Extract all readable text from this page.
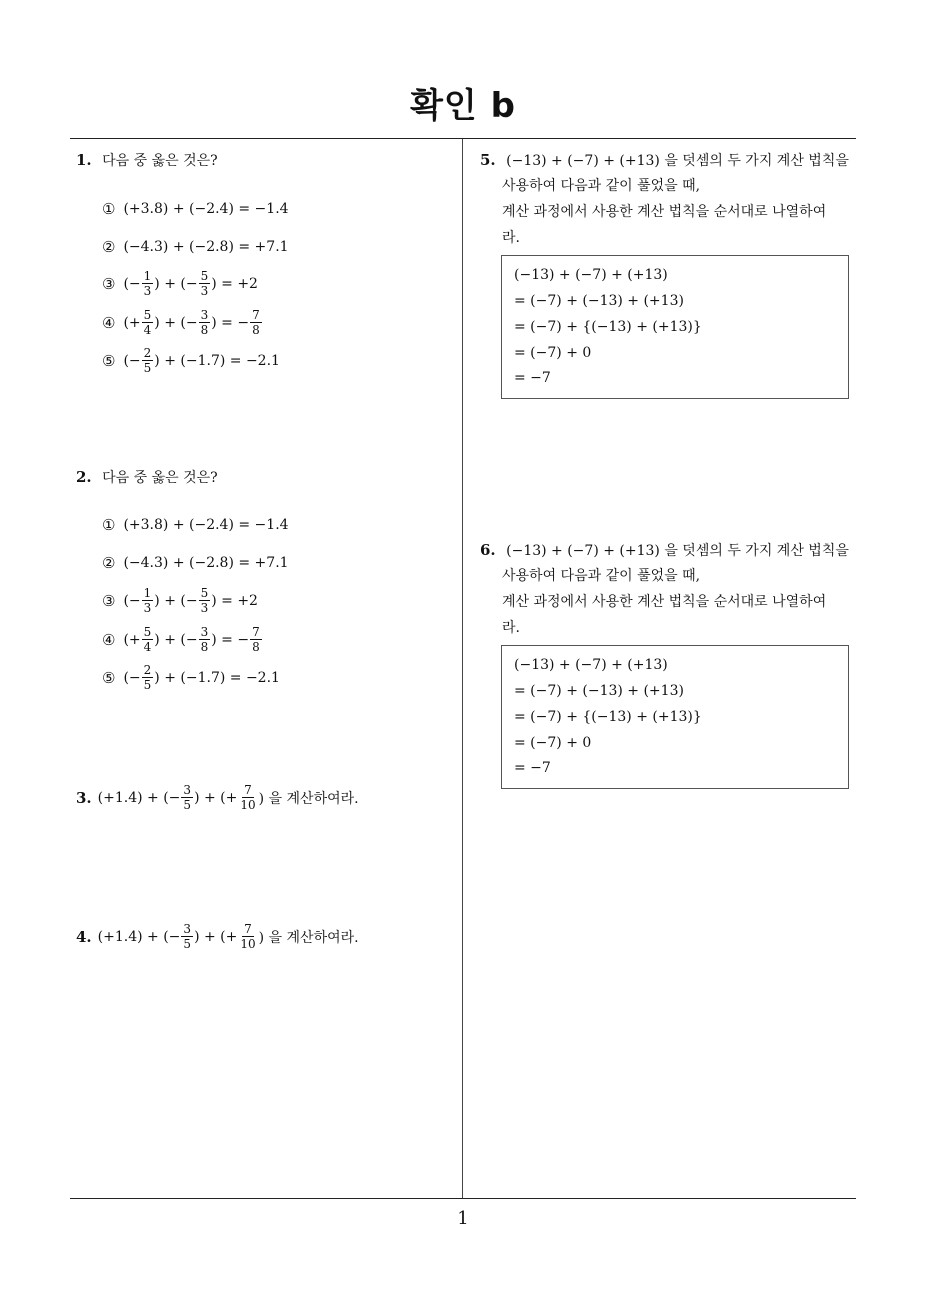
확인 b
1. 다음 중 옳은 것은?
① (+3.8) + (−2.4) = −1.4
② (−4.3) + (−2.8) = +7.1
③ (− $\frac{1}{3}$ ) + (− $\frac{5}{3}$ ) = +2
④ (+ $\frac{5}{4}$ ) + (− $\frac{3}{8}$ ) = − $\frac{7}{8}$
⑤ (− $\frac{2}{5}$ ) + (−1.7) = −2.1
2. 다음 중 옳은 것은?
① (+3.8) + (−2.4) = −1.4
② (−4.3) + (−2.8) = +7.1
③ (− $\frac{1}{3}$ ) + (− $\frac{5}{3}$ ) = +2
④ (+ $\frac{5}{4}$ ) + (− $\frac{3}{8}$ ) = − $\frac{7}{8}$
⑤ (− $\frac{2}{5}$ ) + (−1.7) = −2.1
3. (+1.4) + (− $\frac{3}{5}$ ) + (+ $\frac{7}{10}$ ) 을 계산하여라.
4. (+1.4) + (− $\frac{3}{5}$ ) + (+ $\frac{7}{10}$ ) 을 계산하여라.
5. (−13) + (−7) + (+13) 을 덧셈의 두 가지 계산 법칙을
사용하여 다음과 같이 풀었을 때,
계산 과정에서 사용한 계산 법칙을 순서대로 나열하여
라.
(−13) + (−7) + (+13)
= (−7) + (−13) + (+13)
= (−7) + {(−13) + (+13)}
= (−7) + 0
= −7
6. (−13) + (−7) + (+13) 을 덧셈의 두 가지 계산 법칙을
사용하여 다음과 같이 풀었을 때,
계산 과정에서 사용한 계산 법칙을 순서대로 나열하여
라.
(−13) + (−7) + (+13)
= (−7) + (−13) + (+13)
= (−7) + {(−13) + (+13)}
= (−7) + 0
= −7
1
